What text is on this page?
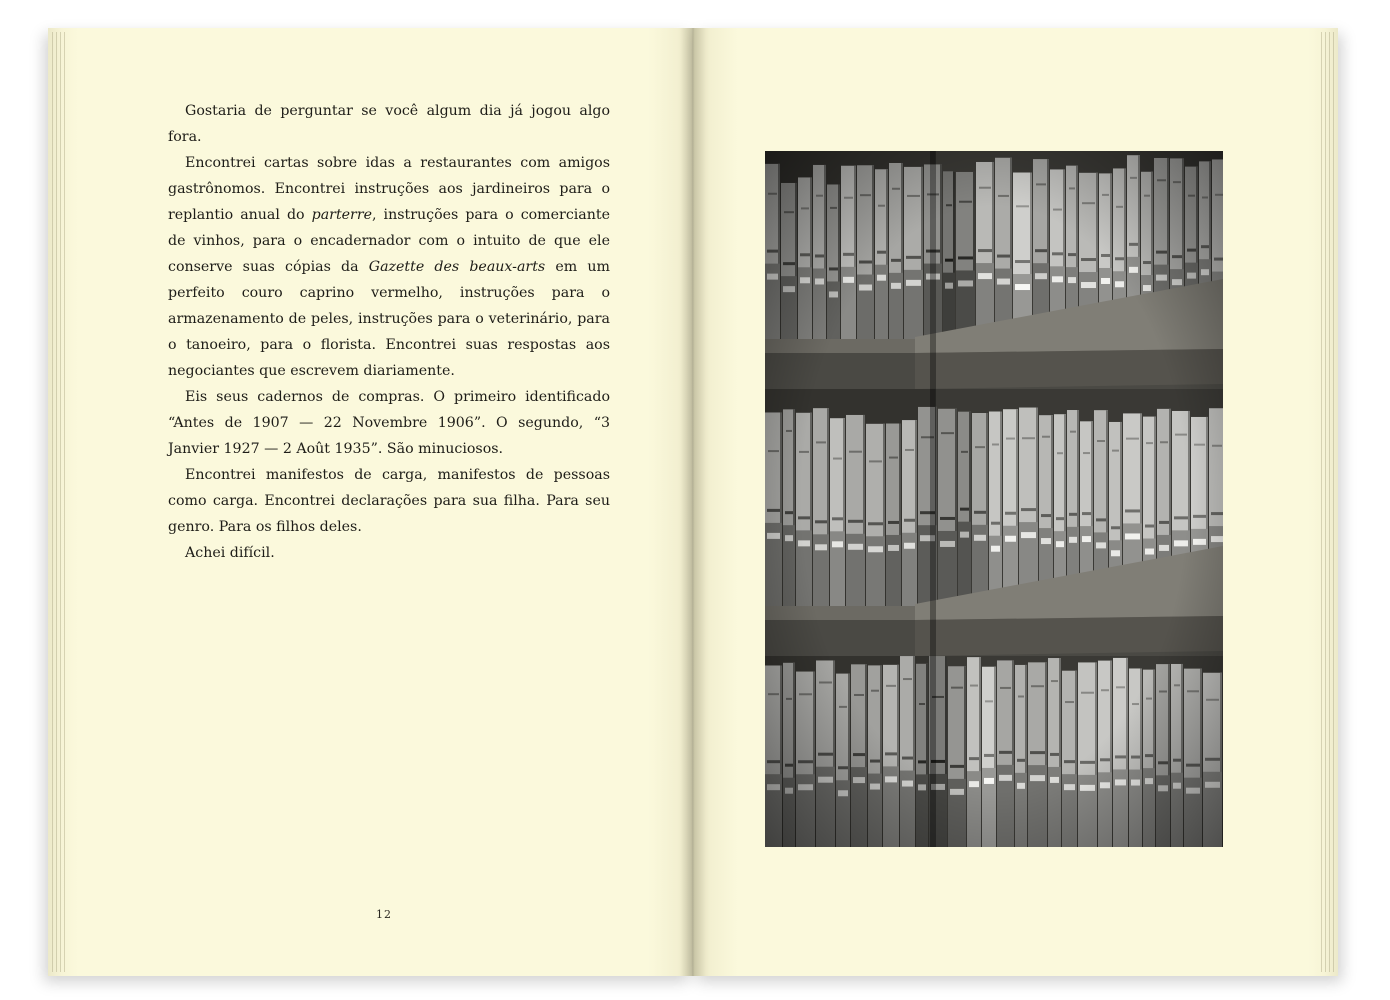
Gostaria de perguntar se você algum dia já jogou algo fora.

Encontrei cartas sobre idas a restaurantes com amigos gastrônomos. Encontrei instruções aos jardineiros para o replantio anual do parterre, instruções para o comerciante de vinhos, para o encadernador com o intuito de que ele conserve suas cópias da Gazette des beaux-arts em um perfeito couro caprino vermelho, instruções para o armazenamento de peles, instruções para o veterinário, para o tanoeiro, para o florista. Encontrei suas respostas aos negociantes que escrevem diariamente.

Eis seus cadernos de compras. O primeiro identificado “Antes de 1907 — 22 Novembre 1906”. O segundo, “3 Janvier 1927 — 2 Août 1935”. São minuciosos.

Encontrei manifestos de carga, manifestos de pessoas como carga. Encontrei declarações para sua filha. Para seu genro. Para os filhos deles.

Achei difícil.

12
